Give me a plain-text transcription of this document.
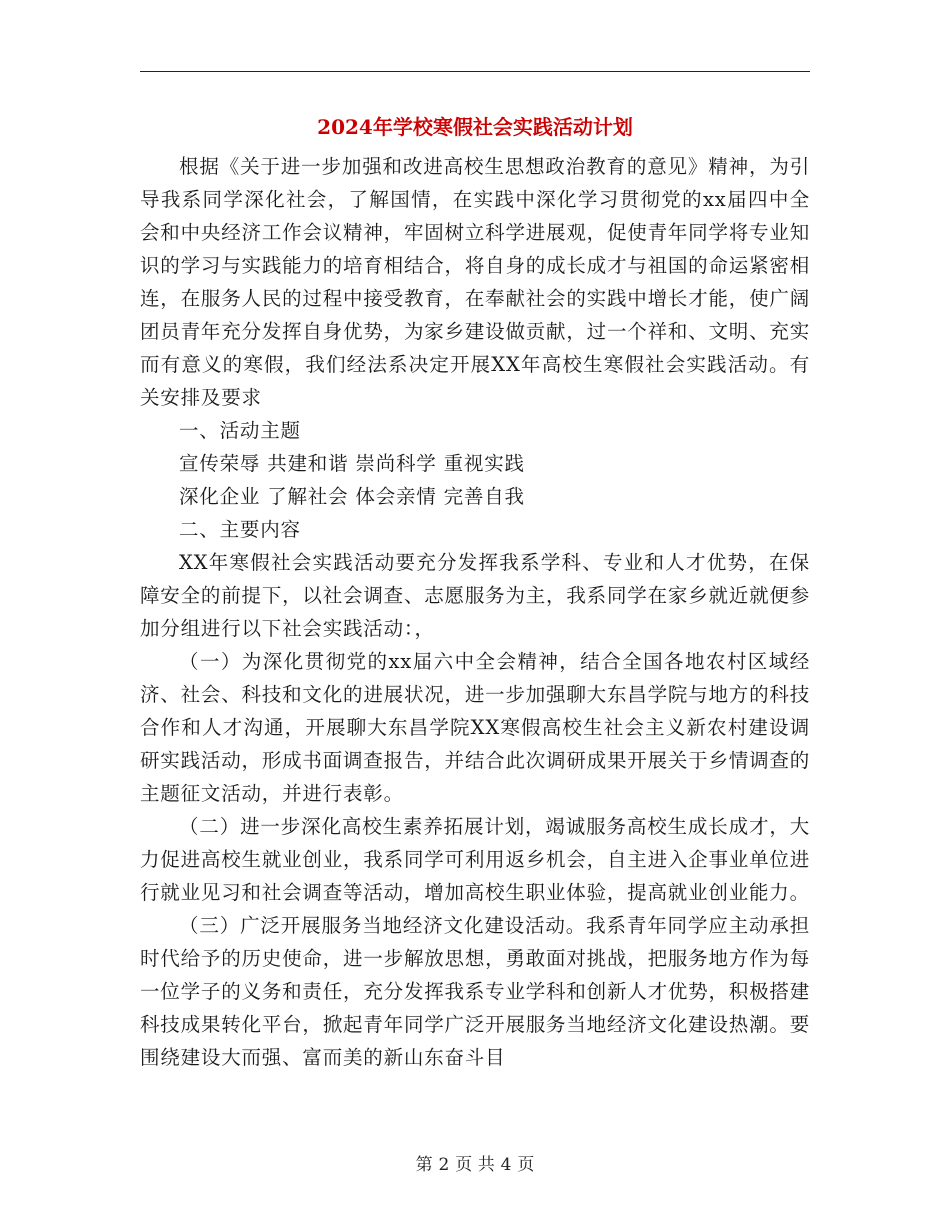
2024年学校寒假社会实践活动计划

根据《关于进一步加强和改进高校生思想政治教育的意见》精神，为引导我系同学深化社会，了解国情，在实践中深化学习贯彻党的xx届四中全会和中央经济工作会议精神，牢固树立科学进展观，促使青年同学将专业知识的学习与实践能力的培育相结合，将自身的成长成才与祖国的命运紧密相连，在服务人民的过程中接受教育，在奉献社会的实践中增长才能，使广阔团员青年充分发挥自身优势，为家乡建设做贡献，过一个祥和、文明、充实而有意义的寒假，我们经法系决定开展XX年高校生寒假社会实践活动。有关安排及要求

一、活动主题

宣传荣辱 共建和谐 崇尚科学 重视实践

深化企业 了解社会 体会亲情 完善自我

二、主要内容

XX年寒假社会实践活动要充分发挥我系学科、专业和人才优势，在保障安全的前提下，以社会调查、志愿服务为主，我系同学在家乡就近就便参加分组进行以下社会实践活动：，

（一）为深化贯彻党的xx届六中全会精神，结合全国各地农村区域经济、社会、科技和文化的进展状况，进一步加强聊大东昌学院与地方的科技合作和人才沟通，开展聊大东昌学院XX寒假高校生社会主义新农村建设调研实践活动，形成书面调查报告，并结合此次调研成果开展关于乡情调查的主题征文活动，并进行表彰。

（二）进一步深化高校生素养拓展计划，竭诚服务高校生成长成才，大力促进高校生就业创业，我系同学可利用返乡机会，自主进入企事业单位进行就业见习和社会调查等活动，增加高校生职业体验，提高就业创业能力。

（三）广泛开展服务当地经济文化建设活动。我系青年同学应主动承担时代给予的历史使命，进一步解放思想，勇敢面对挑战，把服务地方作为每一位学子的义务和责任，充分发挥我系专业学科和创新人才优势，积极搭建科技成果转化平台，掀起青年同学广泛开展服务当地经济文化建设热潮。要围绕建设大而强、富而美的新山东奋斗目

第 2 页 共 4 页
